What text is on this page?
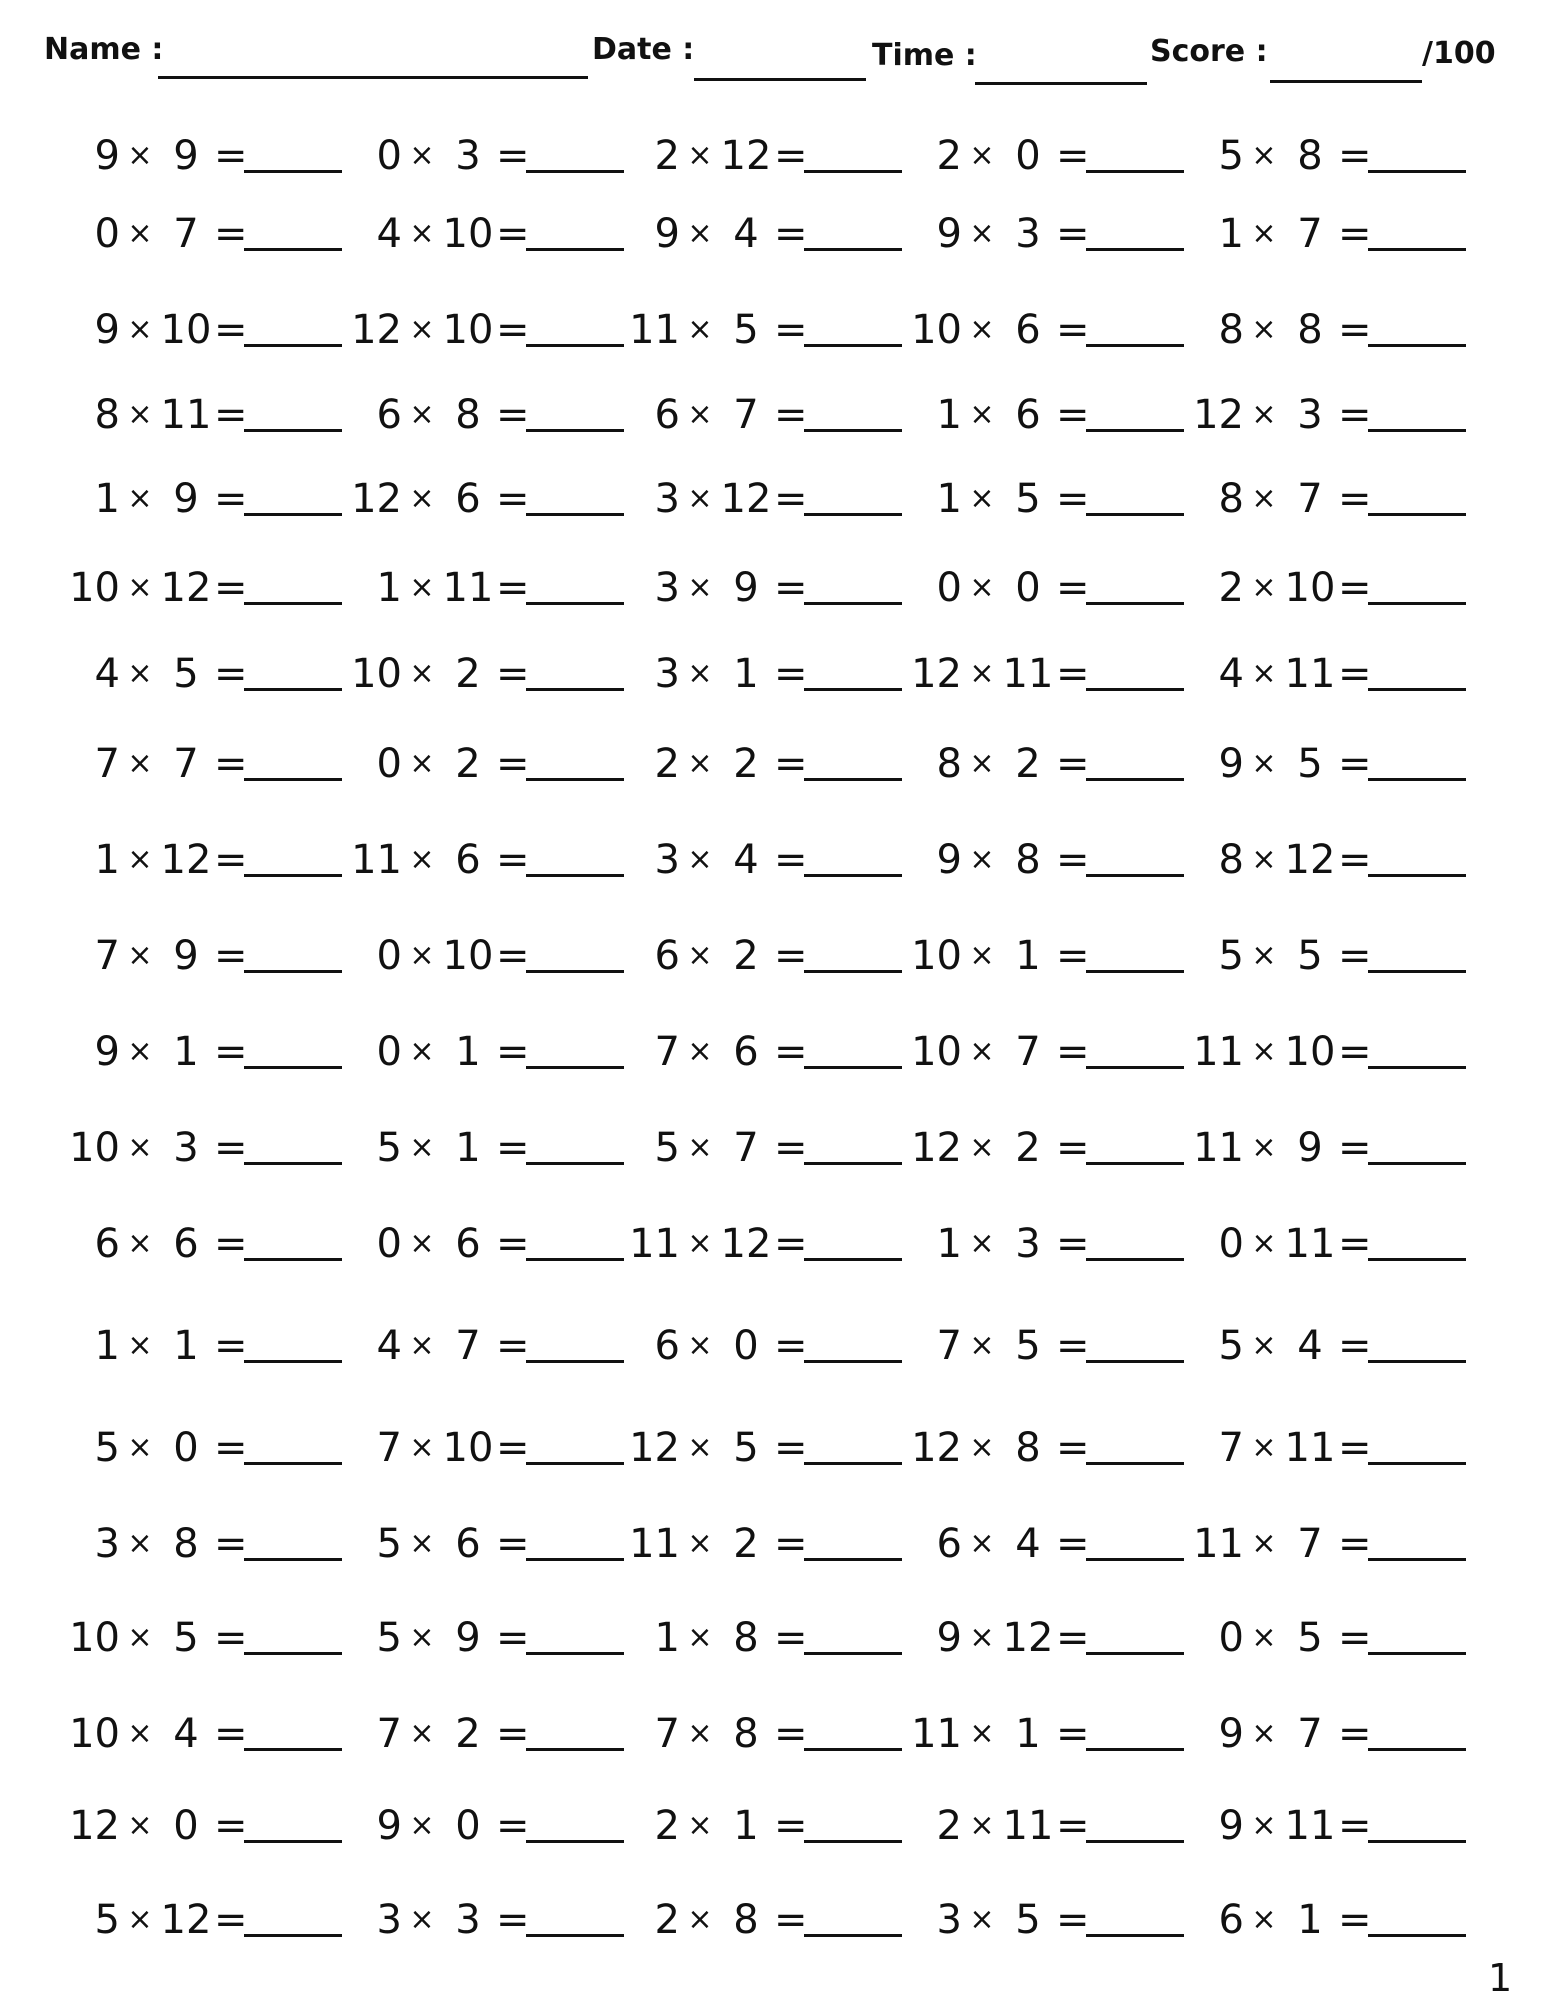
Name :	Date :	Time :	Score :	/100
9 × 9 =	0 × 3 =	2 × 12 =	2 × 0 =	5 × 8 =
0 × 7 =	4 × 10 =	9 × 4 =	9 × 3 =	1 × 7 =
9 × 10 =	12 × 10 = 11 × 5 =	10 × 6 =	8 × 8 =
8 × 11 =	6 × 8 =	6 × 7 =	1 × 6 =	12 × 3 =
1 × 9 =	12 × 6 =	3 × 12 =	1 × 5 =	8 × 7 =
10 × 12 =	1 × 11 =	3 × 9 =	0 × 0 =	2 × 10 =
4 × 5 =	10 × 2 =	3 × 1 =	12 × 11 =	4 × 11 =
7 × 7 =	0 × 2 =	2 × 2 =	8 × 2 =	9 × 5 =
1 × 12 =	11 × 6 =	3 × 4 =	9 × 8 =	8 × 12 =
7 × 9 =	0 × 10 =	6 × 2 =	10 × 1 =	5 × 5 =
9 × 1 =	0 × 1 =	7 × 6 =	10 × 7 =	11 × 10 =
10 × 3 =	5 × 1 =	5 × 7 =	12 × 2 =	11 × 9 =
6 × 6 =	0 × 6 = 11 × 12 =	1 × 3 =	0 × 11 =
1 × 1 =	4 × 7 =	6 × 0 =	7 × 5 =	5 × 4 =
5 × 0 =	7 × 10 = 12 × 5 =	12 × 8 =	7 × 11 =
3 × 8 =	5 × 6 = 11 × 2 =	6 × 4 =	11 × 7 =
10 × 5 =	5 × 9 =	1 × 8 =	9 × 12 =	0 × 5 =
10 × 4 =	7 × 2 =	7 × 8 =	11 × 1 =	9 × 7 =
12 × 0 =	9 × 0 =	2 × 1 =	2 × 11 =	9 × 11 =
5 × 12 =	3 × 3 =	2 × 8 =	3 × 5 =	6 × 1 =
1
